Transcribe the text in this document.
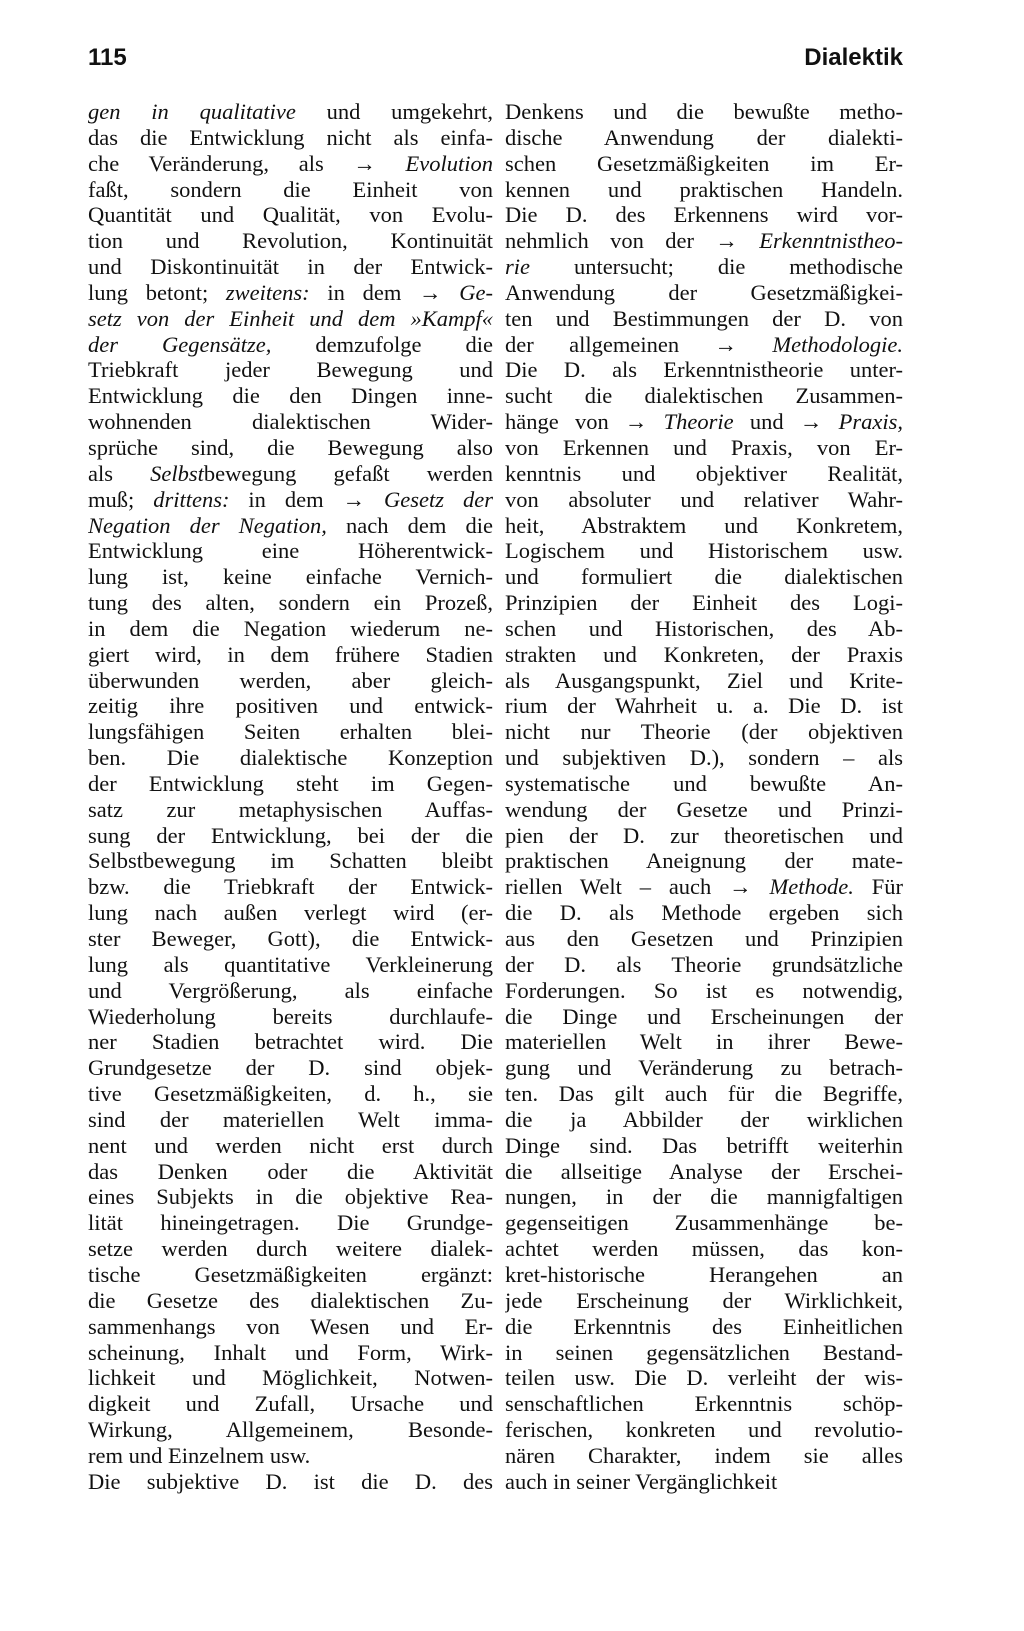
115	Dialektik
gen in qualitative und umgekehrt,
das die Entwicklung nicht als einfa-
che Veränderung, als → Evolution
faßt, sondern die Einheit von
Quantität und Qualität, von Evolu-
tion und Revolution, Kontinuität
und Diskontinuität in der Entwick-
lung betont; zweitens: in dem → Ge-
setz von der Einheit und dem »Kampf«
der Gegensätze, demzufolge die
Triebkraft jeder Bewegung und
Entwicklung die den Dingen inne-
wohnenden dialektischen Wider-
sprüche sind, die Bewegung also
als Selbstbewegung gefaßt werden
muß; drittens: in dem → Gesetz der
Negation der Negation, nach dem die
Entwicklung eine Höherentwick-
lung ist, keine einfache Vernich-
tung des alten, sondern ein Prozeß,
in dem die Negation wiederum ne-
giert wird, in dem frühere Stadien
überwunden werden, aber gleich-
zeitig ihre positiven und entwick-
lungsfähigen Seiten erhalten blei-
ben. Die dialektische Konzeption
der Entwicklung steht im Gegen-
satz zur metaphysischen Auffas-
sung der Entwicklung, bei der die
Selbstbewegung im Schatten bleibt
bzw. die Triebkraft der Entwick-
lung nach außen verlegt wird (er-
ster Beweger, Gott), die Entwick-
lung als quantitative Verkleinerung
und Vergrößerung, als einfache
Wiederholung bereits durchlaufe-
ner Stadien betrachtet wird. Die
Grundgesetze der D. sind objek-
tive Gesetzmäßigkeiten, d. h., sie
sind der materiellen Welt imma-
nent und werden nicht erst durch
das Denken oder die Aktivität
eines Subjekts in die objektive Rea-
lität hineingetragen. Die Grundge-
setze werden durch weitere dialek-
tische Gesetzmäßigkeiten ergänzt:
die Gesetze des dialektischen Zu-
sammenhangs von Wesen und Er-
scheinung, Inhalt und Form, Wirk-
lichkeit und Möglichkeit, Notwen-
digkeit und Zufall, Ursache und
Wirkung, Allgemeinem, Besonde-
rem und Einzelnem usw.
Die subjektive D. ist die D. des
Denkens und die bewußte metho-
dische Anwendung der dialekti-
schen Gesetzmäßigkeiten im Er-
kennen und praktischen Handeln.
Die D. des Erkennens wird vor-
nehmlich von der → Erkenntnistheo-
rie untersucht; die methodische
Anwendung der Gesetzmäßigkei-
ten und Bestimmungen der D. von
der allgemeinen → Methodologie.
Die D. als Erkenntnistheorie unter-
sucht die dialektischen Zusammen-
hänge von → Theorie und → Praxis,
von Erkennen und Praxis, von Er-
kenntnis und objektiver Realität,
von absoluter und relativer Wahr-
heit, Abstraktem und Konkretem,
Logischem und Historischem usw.
und formuliert die dialektischen
Prinzipien der Einheit des Logi-
schen und Historischen, des Ab-
strakten und Konkreten, der Praxis
als Ausgangspunkt, Ziel und Krite-
rium der Wahrheit u. a. Die D. ist
nicht nur Theorie (der objektiven
und subjektiven D.), sondern – als
systematische und bewußte An-
wendung der Gesetze und Prinzi-
pien der D. zur theoretischen und
praktischen Aneignung der mate-
riellen Welt – auch → Methode. Für
die D. als Methode ergeben sich
aus den Gesetzen und Prinzipien
der D. als Theorie grundsätzliche
Forderungen. So ist es notwendig,
die Dinge und Erscheinungen der
materiellen Welt in ihrer Bewe-
gung und Veränderung zu betrach-
ten. Das gilt auch für die Begriffe,
die ja Abbilder der wirklichen
Dinge sind. Das betrifft weiterhin
die allseitige Analyse der Erschei-
nungen, in der die mannigfaltigen
gegenseitigen Zusammenhänge be-
achtet werden müssen, das kon-
kret-historische Herangehen an
jede Erscheinung der Wirklichkeit,
die Erkenntnis des Einheitlichen
in seinen gegensätzlichen Bestand-
teilen usw. Die D. verleiht der wis-
senschaftlichen Erkenntnis schöp-
ferischen, konkreten und revolutio-
nären Charakter, indem sie alles
auch in seiner Vergänglichkeit
